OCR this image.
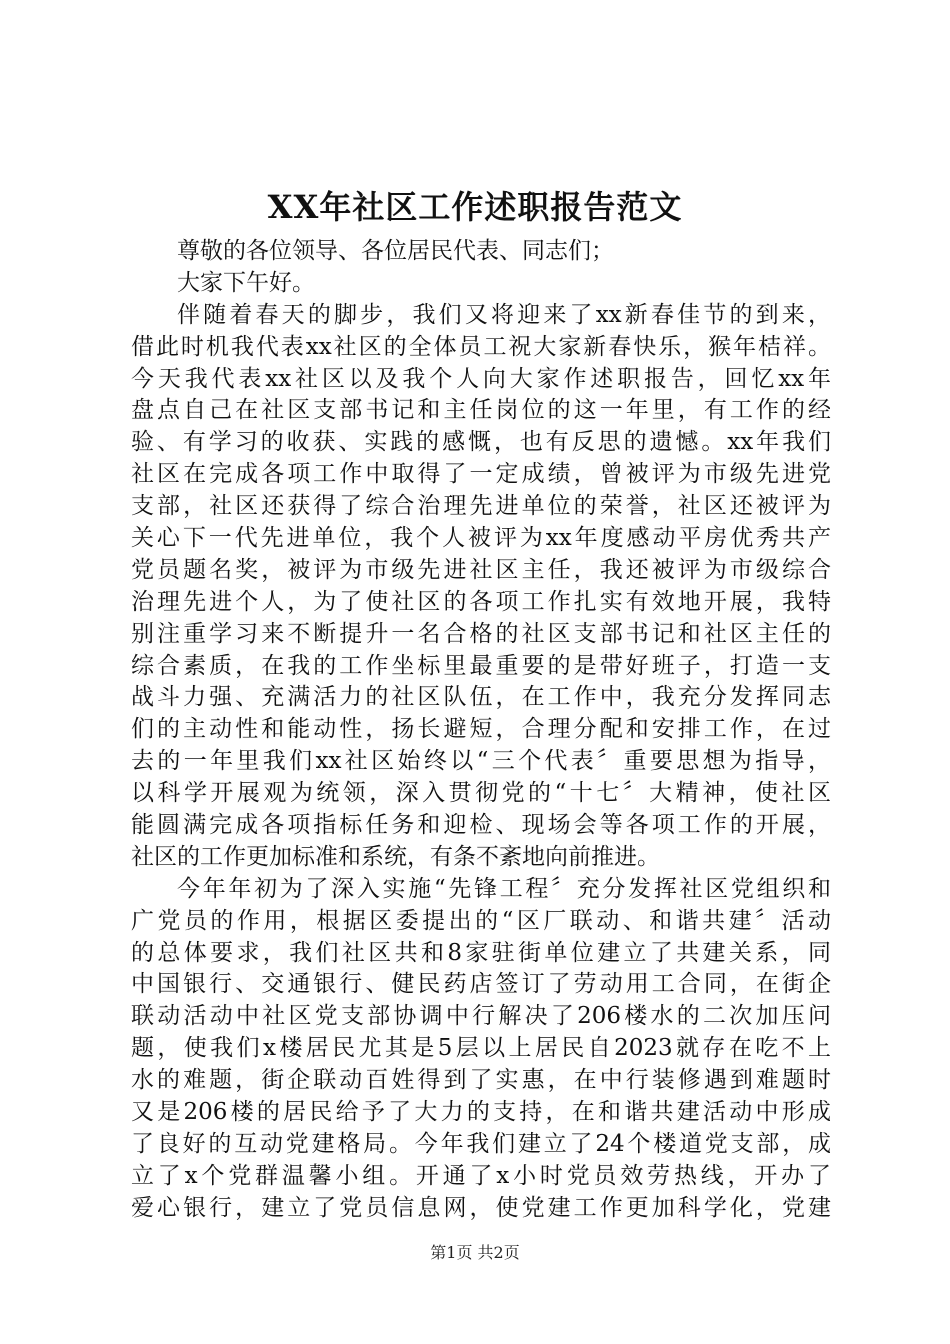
XX年社区工作述职报告范文
尊敬的各位领导、各位居民代表、同志们；
大家下午好。
伴随着春天的脚步，我们又将迎来了xx新春佳节的到来，
借此时机我代表xx社区的全体员工祝大家新春快乐，猴年桔祥。
今天我代表xx社区以及我个人向大家作述职报告，回忆xx年
盘点自己在社区支部书记和主任岗位的这一年里，有工作的经
验、有学习的收获、实践的感慨，也有反思的遗憾。xx年我们
社区在完成各项工作中取得了一定成绩，曾被评为市级先进党
支部，社区还获得了综合治理先进单位的荣誉，社区还被评为
关心下一代先进单位，我个人被评为xx年度感动平房优秀共产
党员题名奖，被评为市级先进社区主任，我还被评为市级综合
治理先进个人，为了使社区的各项工作扎实有效地开展，我特
别注重学习来不断提升一名合格的社区支部书记和社区主任的
综合素质，在我的工作坐标里最重要的是带好班子，打造一支
战斗力强、充满活力的社区队伍，在工作中，我充分发挥同志
们的主动性和能动性，扬长避短，合理分配和安排工作，在过
去的一年里我们xx社区始终以“三个代表〞重要思想为指导，
以科学开展观为统领，深入贯彻党的“十七〞大精神，使社区
能圆满完成各项指标任务和迎检、现场会等各项工作的开展，
社区的工作更加标准和系统，有条不紊地向前推进。
今年年初为了深入实施“先锋工程〞充分发挥社区党组织和
广党员的作用，根据区委提出的“区厂联动、和谐共建〞活动
的总体要求，我们社区共和8家驻街单位建立了共建关系，同
中国银行、交通银行、健民药店签订了劳动用工合同，在街企
联动活动中社区党支部协调中行解决了206楼水的二次加压问
题，使我们x楼居民尤其是5层以上居民自2023就存在吃不上
水的难题，街企联动百姓得到了实惠，在中行装修遇到难题时
又是206楼的居民给予了大力的支持，在和谐共建活动中形成
了良好的互动党建格局。今年我们建立了24个楼道党支部，成
立了x个党群温馨小组。开通了x小时党员效劳热线，开办了
爱心银行，建立了党员信息网，使党建工作更加科学化，党建
第1页 共2页
